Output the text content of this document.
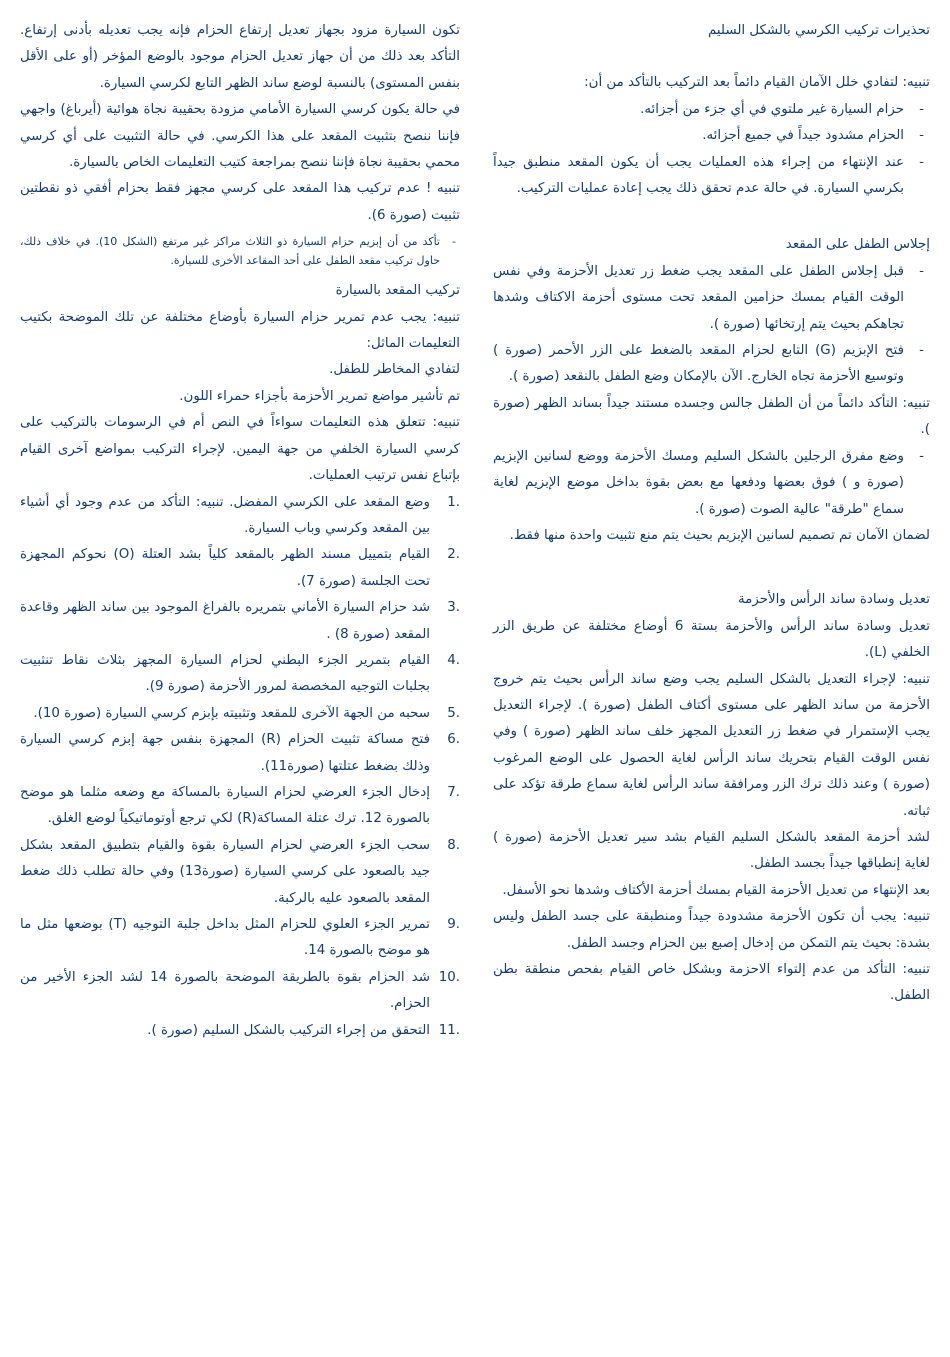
تحذيرات تركيب الكرسي بالشكل السليم

تنبيه: لتفادي خلل الآمان القيام دائماً بعد التركيب بالتأكد من أن:

- حزام السيارة غير ملتوي في أي جزء من أجزائه.
- الحزام مشدود جيداً في جميع أجزائه.
- عند الإنتهاء من إجراء هذه العمليات يجب أن يكون المقعد منطبق جيداً بكرسي السيارة. في حالة عدم تحقق ذلك يجب إعادة عمليات التركيب.

إجلاس الطفل على المقعد

- قبل إجلاس الطفل على المقعد يجب ضغط زر تعديل الأحزمة وفي نفس الوقت القيام بمسك حزامين المقعد تحت مستوى أحزمة الاكتاف وشدها تجاهكم بحيث يتم إرتخائها (صورة ).
- فتح الإبزيم (G) التابع لحزام المقعد بالضغط على الزر الأحمر (صورة ) وتوسيع الأحزمة تجاه الخارج. الآن بالإمكان وضع الطفل بالنقعد (صورة ).

تنبيه: التأكد دائماً من أن الطفل جالس وجسده مستند جيداً بساند الظهر (صورة ).

- وضع مفرق الرجلين بالشكل السليم ومسك الأحزمة ووضع لسانين الإبزيم (صورة و ) فوق بعضها ودفعها مع بعض بقوة بداخل موضع الإبزيم لغاية سماع "طرقة" عالية الصوت (صورة ).

لضمان الآمان تم تصميم لسانين الإبزيم بحيث يتم منع تثبيت واحدة منها فقط.

تعديل وسادة ساند الرأس والأحزمة

تعديل وسادة ساند الرأس والأحزمة بستة 6 أوضاع مختلفة عن طريق الزر الخلفي (L).

تنبيه: لإجراء التعديل بالشكل السليم يجب وضع ساند الرأس بحيث يتم خروج الأحزمة من ساند الظهر على مستوى أكتاف الطفل (صورة ). لإجراء التعديل يجب الإستمرار في ضغط زر التعديل المجهز خلف ساند الظهر (صورة ) وفي نفس الوقت القيام بتحريك ساند الرأس لغاية الحصول على الوضع المرغوب (صورة ) وعند ذلك ترك الزر ومرافقة ساند الرأس لغاية سماع طرقة تؤكد على ثباته.

لشد أحزمة المقعد بالشكل السليم القيام بشد سير تعديل الأحزمة (صورة ) لغاية إنطباقها جيداً بجسد الطفل.

بعد الإنتهاء من تعديل الأحزمة القيام بمسك أحزمة الأكتاف وشدها نحو الأسفل.

تنبيه: يجب أن تكون الأحزمة مشدودة جيداً ومنطبقة على جسد الطفل وليس بشدة: بحيث يتم التمكن من إدخال إصبع بين الحزام وجسد الطفل.

تنبيه: التأكد من عدم إلتواء الاحزمة وبشكل خاص القيام بفحص منطقة بطن الطفل.

تكون السيارة مزود بجهاز تعديل إرتفاع الحزام فإنه يجب تعديله بأدنى إرتفاع. التأكد بعد ذلك من أن جهاز تعديل الحزام موجود بالوضع المؤخر (أو على الأقل بنفس المستوى) بالنسبة لوضع ساند الظهر التابع لكرسي السيارة.

في حالة يكون كرسي السيارة الأمامي مزودة بحقيبة نجاة هوائية (أيرباغ) واجهي فإننا ننصح بتثبيت المقعد على هذا الكرسي. في حالة التثبيت على أي كرسي محمي بحقيبة نجاة فإننا ننصح بمراجعة كتيب التعليمات الخاص بالسيارة.

تنبيه ! عدم تركيب هذا المقعد على كرسي مجهز فقط بحزام أفقي ذو نقطتين تثبيت (صورة 6).

- تأكد من أن إبزيم حزام السيارة ذو الثلاث مراكز غير مرتفع (الشكل 10). في خلاف ذلك، حاول تركيب مقعد الطفل على أحد المقاعد الأخرى للسيارة.

تركيب المقعد بالسيارة

تنبيه: يجب عدم تمرير حزام السيارة بأوضاع مختلفة عن تلك الموضحة بكتيب التعليمات الماثل:

لتفادي المخاطر للطفل.

تم تأشير مواضع تمرير الأحزمة بأجزاء حمراء اللون.

تنبيه: تتعلق هذه التعليمات سواءاً في النص أم في الرسومات بالتركيب على كرسي السيارة الخلفي من جهة اليمين. لإجراء التركيب بمواضع آخرى القيام بإتباع نفس ترتيب العمليات.

.1
وضع المقعد على الكرسي المفضل. تنبيه: التأكد من عدم وجود أي أشياء بين المقعد وكرسي وباب السيارة.
.2
القيام بتمييل مسند الظهر بالمقعد كلياً بشد العتلة (O) نحوكم المجهزة تحت الجلسة (صورة 7).
.3
شد حزام السيارة الأماني بتمريره بالفراغ الموجود بين ساند الظهر وقاعدة المقعد (صورة 8) .
.4
القيام بتمرير الجزء البطني لحزام السيارة المجهز بثلاث نقاط تنثبيت بجلبات التوجيه المخصصة لمرور الأحزمة (صورة 9).
.5
سحبه من الجهة الآخرى للمقعد وتثبيته بإبزم كرسي السيارة (صورة 10).
.6
فتح مساكة تثبيت الحزام (R) المجهزة بنفس جهة إبزم كرسي السيارة وذلك بضغط عتلتها (صورة11).
.7
إدخال الجزء العرضي لحزام السيارة بالمساكة مع وضعه مثلما هو موضح بالصورة 12. ترك عتلة المساكة(R) لكي ترجع أوتوماتيكياً لوضع الغلق.
.8
سحب الجزء العرضي لحزام السيارة بقوة والقيام بتطبيق المقعد بشكل جيد بالصعود على كرسي السيارة (صورة13) وفي حالة تطلب ذلك ضغط المقعد بالصعود عليه بالركبة.
.9
تمرير الجزء العلوي للحزام المثل بداخل جلبة التوجيه (T) بوضعها مثل ما هو موضح بالصورة 14.
.10
شد الحزام بقوة بالطريقة الموضحة بالصورة 14 لشد الجزء الأخير من الحزام.
.11
التحقق من إجراء التركيب بالشكل السليم (صورة ).
